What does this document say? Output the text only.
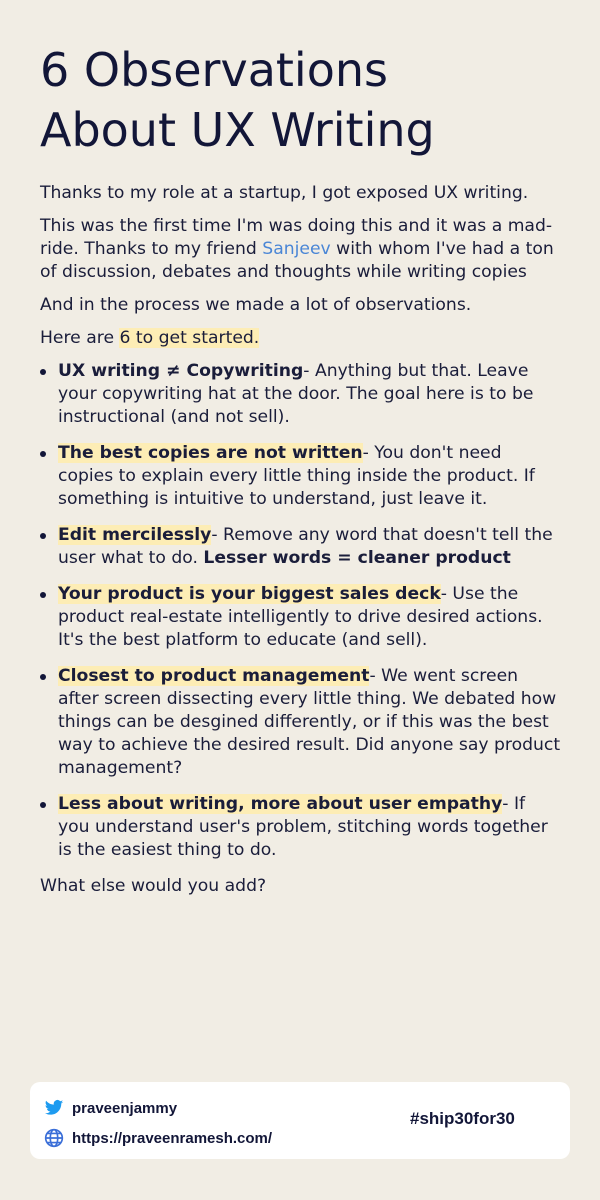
6 Observations
About UX Writing

Thanks to my role at a startup, I got exposed UX writing.

This was the first time I'm was doing this and it was a mad-ride. Thanks to my friend Sanjeev with whom I've had a ton of discussion, debates and thoughts while writing copies

And in the process we made a lot of observations.

Here are 6 to get started.

UX writing ≠ Copywriting- Anything but that. Leave your copywriting hat at the door. The goal here is to be instructional (and not sell).
The best copies are not written- You don't need copies to explain every little thing inside the product. If something is intuitive to understand, just leave it.
Edit mercilessly- Remove any word that doesn't tell the user what to do. Lesser words = cleaner product
Your product is your biggest sales deck- Use the product real-estate intelligently to drive desired actions. It's the best platform to educate (and sell).
Closest to product management- We went screen after screen dissecting every little thing. We debated how things can be desgined differently, or if this was the best way to achieve the desired result. Did anyone say product management?
Less about writing, more about user empathy- If you understand user's problem, stitching words together is the easiest thing to do.

What else would you add?

praveenjammy
https://praveenramesh.com/
#ship30for30
